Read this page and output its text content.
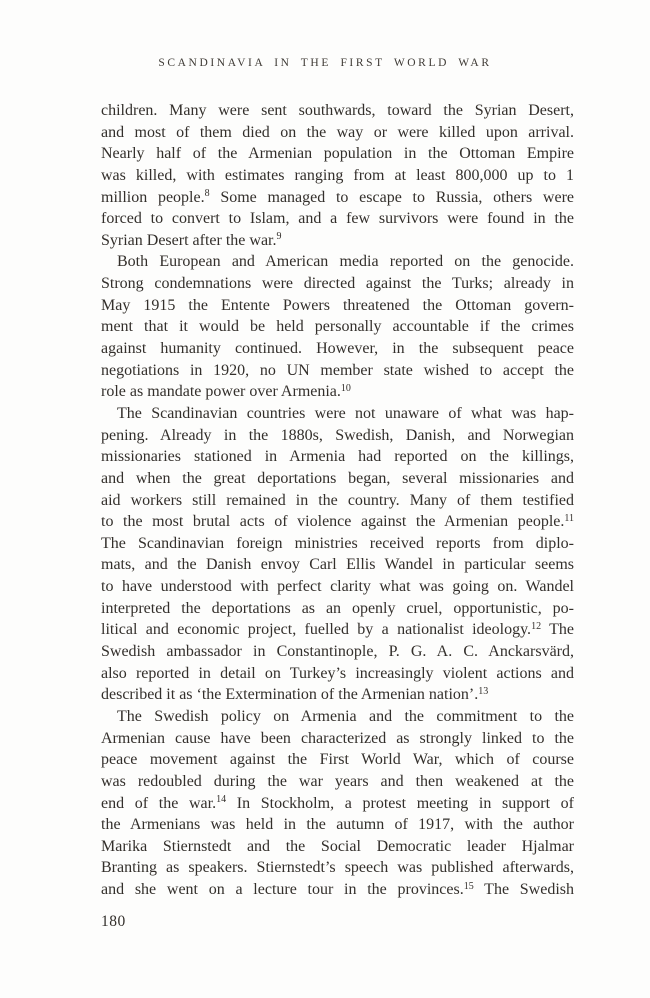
SCANDINAVIA IN THE FIRST WORLD WAR
children. Many were sent southwards, toward the Syrian Desert,
and most of them died on the way or were killed upon arrival.
Nearly half of the Armenian population in the Ottoman Empire
was killed, with estimates ranging from at least 800,000 up to 1
million people.$^8$ Some managed to escape to Russia, others were
forced to convert to Islam, and a few survivors were found in the
Syrian Desert after the war.$^9$
Both European and American media reported on the genocide.
Strong condemnations were directed against the Turks; already in
May 1915 the Entente Powers threatened the Ottoman govern-
ment that it would be held personally accountable if the crimes
against humanity continued. However, in the subsequent peace
negotiations in 1920, no UN member state wished to accept the
role as mandate power over Armenia.$^{10}$
The Scandinavian countries were not unaware of what was hap-
pening. Already in the 1880s, Swedish, Danish, and Norwegian
missionaries stationed in Armenia had reported on the killings,
and when the great deportations began, several missionaries and
aid workers still remained in the country. Many of them testified
to the most brutal acts of violence against the Armenian people.$^{11}$
The Scandinavian foreign ministries received reports from diplo-
mats, and the Danish envoy Carl Ellis Wandel in particular seems
to have understood with perfect clarity what was going on. Wandel
interpreted the deportations as an openly cruel, opportunistic, po-
litical and economic project, fuelled by a nationalist ideology.$^{12}$ The
Swedish ambassador in Constantinople, P. G. A. C. Anckarsvärd,
also reported in detail on Turkey’s increasingly violent actions and
described it as ‘the Extermination of the Armenian nation’.$^{13}$
The Swedish policy on Armenia and the commitment to the
Armenian cause have been characterized as strongly linked to the
peace movement against the First World War, which of course
was redoubled during the war years and then weakened at the
end of the war.$^{14}$ In Stockholm, a protest meeting in support of
the Armenians was held in the autumn of 1917, with the author
Marika Stiernstedt and the Social Democratic leader Hjalmar
Branting as speakers. Stiernstedt’s speech was published afterwards,
and she went on a lecture tour in the provinces.$^{15}$ The Swedish
180
